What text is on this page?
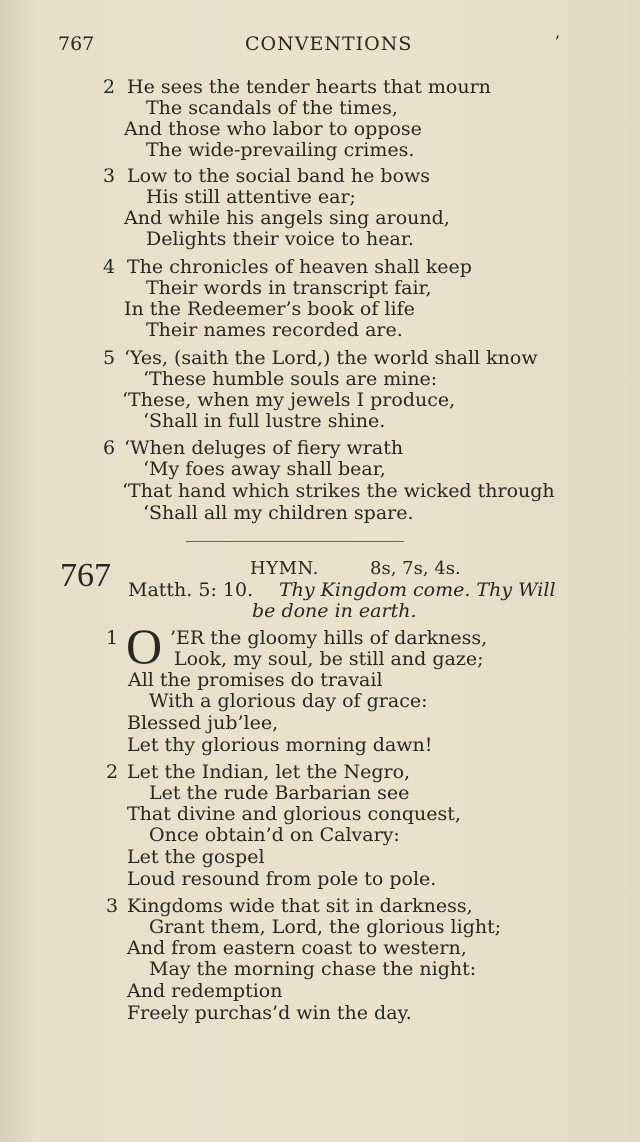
767	CONVENTIONS	ʼ
2 He sees the tender hearts that mourn
The scandals of the times,
And those who labor to oppose
The wide-prevailing crimes.
3 Low to the social band he bows
His still attentive ear;
And while his angels sing around,
Delights their voice to hear.
4 The chronicles of heaven shall keep
Their words in transcript fair,
In the Redeemer’s book of life
Their names recorded are.
5 ‘Yes, (saith the Lord,) the world shall know
‘These humble souls are mine:
‘These, when my jewels I produce,
‘Shall in full lustre shine.
6 ‘When deluges of fiery wrath
‘My foes away shall bear,
‘That hand which strikes the wicked through
‘Shall all my children spare.
767	HYMN.	8s, 7s, 4s.
Matth. 5: 10. Thy Kingdom come. Thy Will
be done in earth.
1 O ’ER the gloomy hills of darkness,
Look, my soul, be still and gaze;
All the promises do travail
With a glorious day of grace:
Blessed jub’lee,
Let thy glorious morning dawn!
2 Let the Indian, let the Negro,
Let the rude Barbarian see
That divine and glorious conquest,
Once obtain’d on Calvary:
Let the gospel
Loud resound from pole to pole.
3 Kingdoms wide that sit in darkness,
Grant them, Lord, the glorious light;
And from eastern coast to western,
May the morning chase the night:
And redemption
Freely purchas’d win the day.
